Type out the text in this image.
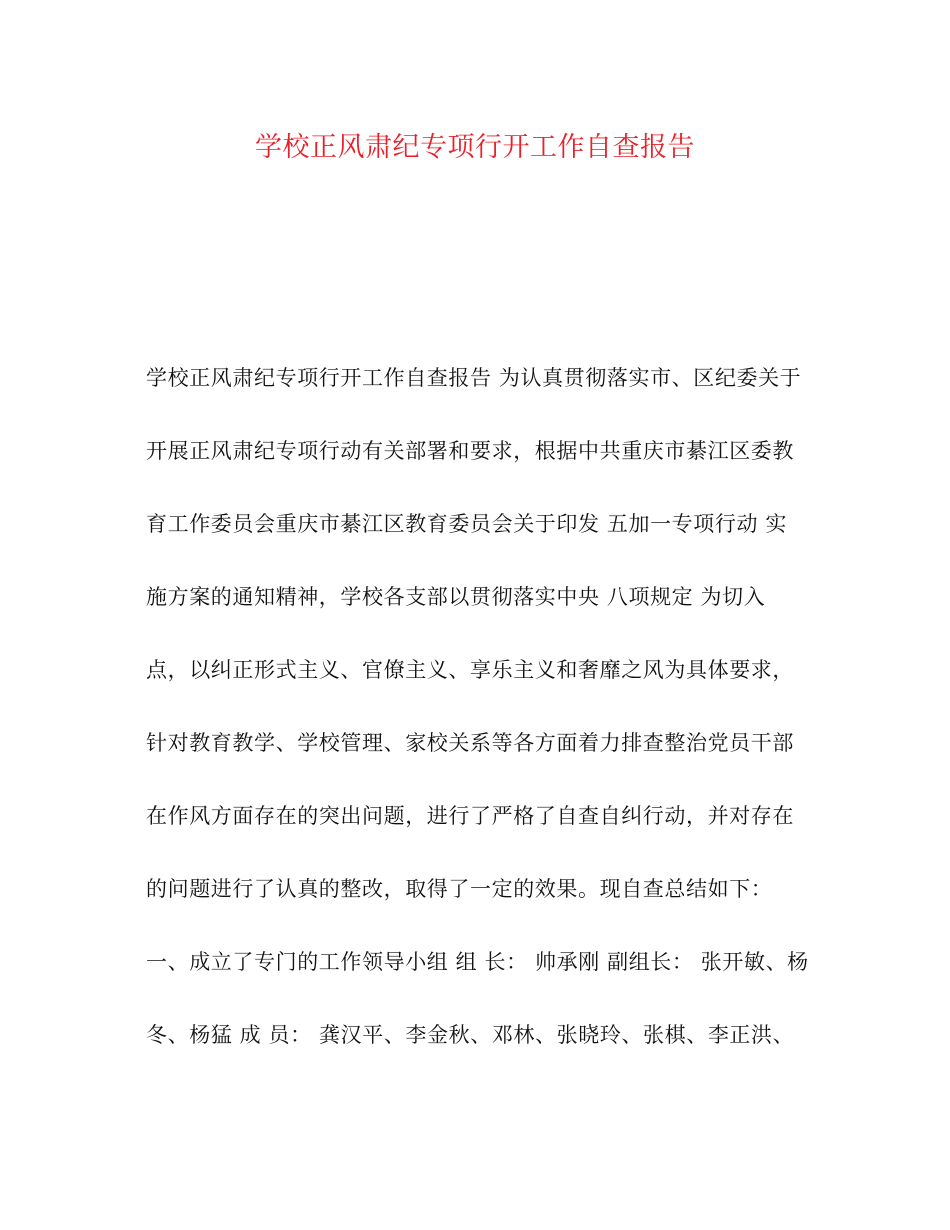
学校正风肃纪专项行开工作自查报告
学校正风肃纪专项行开工作自查报告 为认真贯彻落实市、区纪委关于
开展正风肃纪专项行动有关部署和要求，根据中共重庆市綦江区委教
育工作委员会重庆市綦江区教育委员会关于印发 五加一专项行动 实
施方案的通知精神，学校各支部以贯彻落实中央 八项规定 为切入
点，以纠正形式主义、官僚主义、享乐主义和奢靡之风为具体要求，
针对教育教学、学校管理、家校关系等各方面着力排查整治党员干部
在作风方面存在的突出问题，进行了严格了自查自纠行动，并对存在
的问题进行了认真的整改，取得了一定的效果。现自查总结如下：
一、成立了专门的工作领导小组 组 长： 帅承刚 副组长： 张开敏、杨
冬、杨猛 成 员： 龚汉平、李金秋、邓林、张晓玲、张棋、李正洪、
